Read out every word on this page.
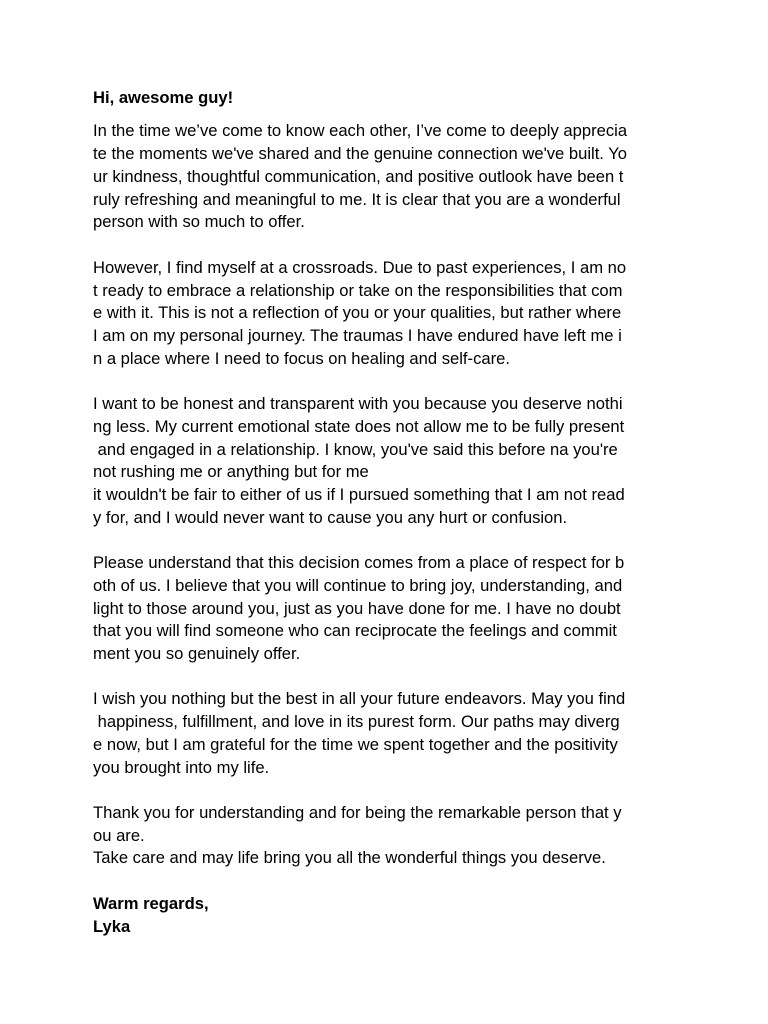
Hi, awesome guy!
In the time we’ve come to know each other, I’ve come to deeply apprecia
te the moments we've shared and the genuine connection we've built. Yo
ur kindness, thoughtful communication, and positive outlook have been t
ruly refreshing and meaningful to me. It is clear that you are a wonderful
person with so much to offer.
However, I find myself at a crossroads. Due to past experiences, I am no
t ready to embrace a relationship or take on the responsibilities that com
e with it. This is not a reflection of you or your qualities, but rather where
I am on my personal journey. The traumas I have endured have left me i
n a place where I need to focus on healing and self-care.
I want to be honest and transparent with you because you deserve nothi
ng less. My current emotional state does not allow me to be fully present
and engaged in a relationship. I know, you've said this before na you're
not rushing me or anything but for me
it wouldn't be fair to either of us if I pursued something that I am not read
y for, and I would never want to cause you any hurt or confusion.
Please understand that this decision comes from a place of respect for b
oth of us. I believe that you will continue to bring joy, understanding, and
light to those around you, just as you have done for me. I have no doubt
that you will find someone who can reciprocate the feelings and commit
ment you so genuinely offer.
I wish you nothing but the best in all your future endeavors. May you find
happiness, fulfillment, and love in its purest form. Our paths may diverg
e now, but I am grateful for the time we spent together and the positivity
you brought into my life.
Thank you for understanding and for being the remarkable person that y
ou are.
Take care and may life bring you all the wonderful things you deserve.
Warm regards,
Lyka
